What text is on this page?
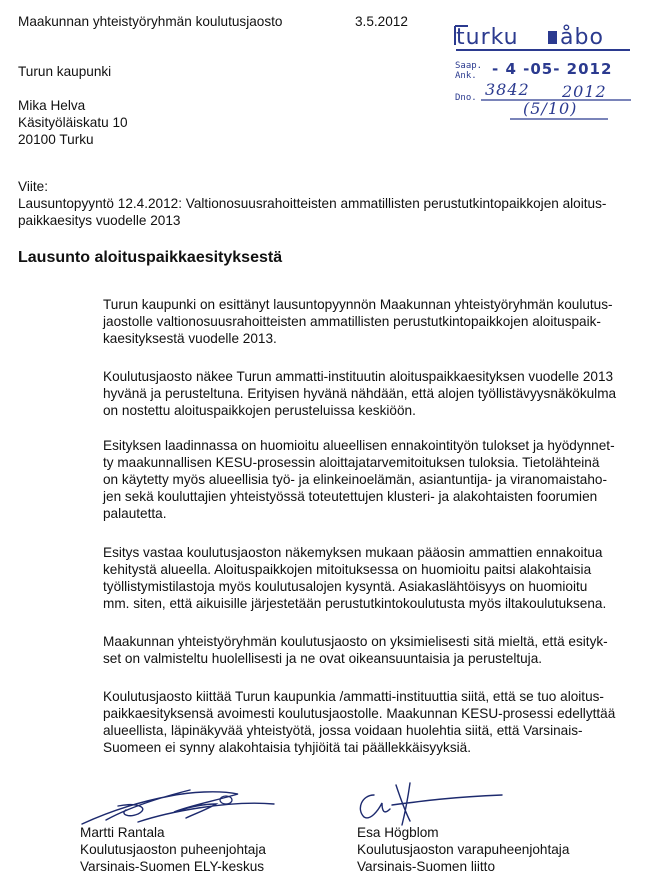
Maakunnan yhteistyöryhmän koulutusjaosto	3.5.2012
turku åbo
Saap.
Ank. - 4 -05- 2012
Dno. 3842 2012
(5/10)
Turun kaupunki
Mika Helva
Käsityöläiskatu 10
20100 Turku
Viite:
Lausuntopyyntö 12.4.2012: Valtionosuusrahoitteisten ammatillisten perustutkintopaikkojen aloitus-
paikkaesitys vuodelle 2013
Lausunto aloituspaikkaesityksestä
Turun kaupunki on esittänyt lausuntopyynnön Maakunnan yhteistyöryhmän koulutus-
jaostolle valtionosuusrahoitteisten ammatillisten perustutkintopaikkojen aloituspaik-
kaesityksestä vuodelle 2013.
Koulutusjaosto näkee Turun ammatti-instituutin aloituspaikkaesityksen vuodelle 2013
hyvänä ja perusteltuna. Erityisen hyvänä nähdään, että alojen työllistävyysnäkökulma
on nostettu aloituspaikkojen perusteluissa keskiöön.
Esityksen laadinnassa on huomioitu alueellisen ennakointityön tulokset ja hyödynnet-
ty maakunnallisen KESU-prosessin aloittajatarvemitoituksen tuloksia. Tietolähteinä
on käytetty myös alueellisia työ- ja elinkeinoelämän, asiantuntija- ja viranomaistaho-
jen sekä kouluttajien yhteistyössä toteutettujen klusteri- ja alakohtaisten foorumien
palautetta.
Esitys vastaa koulutusjaoston näkemyksen mukaan pääosin ammattien ennakoitua
kehitystä alueella. Aloituspaikkojen mitoituksessa on huomioitu paitsi alakohtaisia
työllistymistilastoja myös koulutusalojen kysyntä. Asiakaslähtöisyys on huomioitu
mm. siten, että aikuisille järjestetään perustutkintokoulutusta myös iltakoulutuksena.
Maakunnan yhteistyöryhmän koulutusjaosto on yksimielisesti sitä mieltä, että esityk-
set on valmisteltu huolellisesti ja ne ovat oikeansuuntaisia ja perusteltuja.
Koulutusjaosto kiittää Turun kaupunkia /ammatti-instituuttia siitä, että se tuo aloitus-
paikkaesityksensä avoimesti koulutusjaostolle. Maakunnan KESU-prosessi edellyttää
alueellista, läpinäkyvää yhteistyötä, jossa voidaan huolehtia siitä, että Varsinais-
Suomeen ei synny alakohtaisia tyhjiöitä tai päällekkäisyyksiä.
Martti Rantala
Koulutusjaoston puheenjohtaja
Varsinais-Suomen ELY-keskus
Esa Högblom
Koulutusjaoston varapuheenjohtaja
Varsinais-Suomen liitto
